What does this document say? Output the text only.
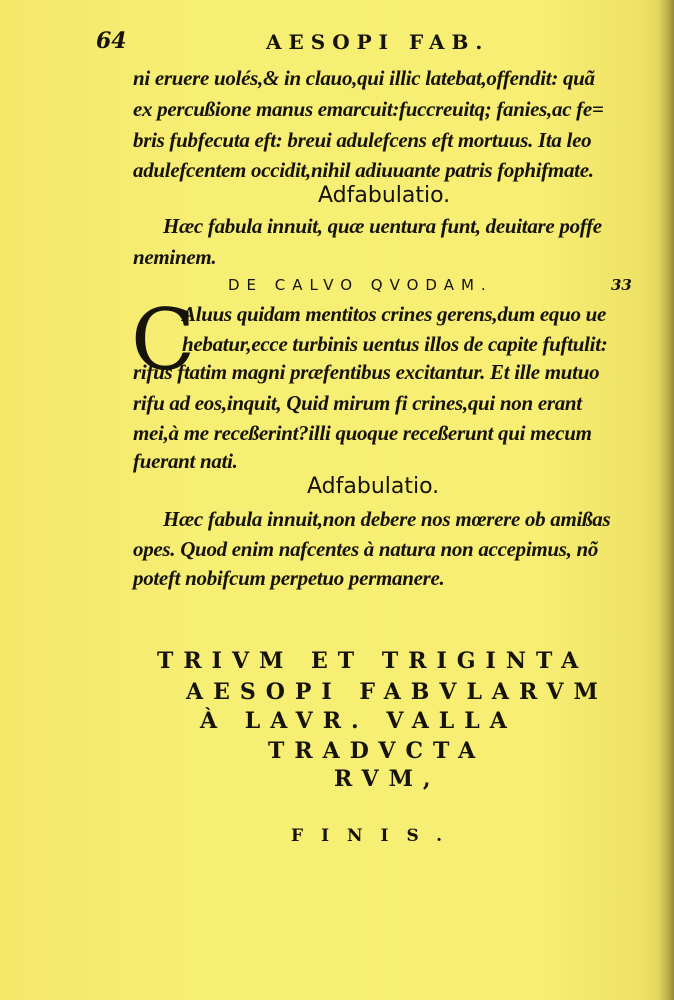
64	AESOPI FAB.
ni eruere uolés,& in clauo,qui illic latebat,offendit: quã
ex percußione manus emarcuit:fuccreuitq; fanies,ac fe=
bris fubfecuta eft: breui adulefcens eft mortuus. Ita leo
adulefcentem occidit,nihil adiuuante patris fophifmate.
Adfabulatio.
Hæc fabula innuit, quæ uentura funt, deuitare poffe
neminem.
DE CALVO QVODAM.	33
C
Aluus quidam mentitos crines gerens,dum equo ue
hebatur,ecce turbinis uentus illos de capite fuftulit:
rifus ftatim magni præfentibus excitantur. Et ille mutuo
rifu ad eos,inquit, Quid mirum fi crines,qui non erant
mei,à me receßerint?illi quoque receßerunt qui mecum
fuerant nati.
Adfabulatio.
Hæc fabula innuit,non debere nos mœrere ob amißas
opes. Quod enim nafcentes à natura non accepimus, nõ
poteft nobifcum perpetuo permanere.
TRIVM ET TRIGINTA
AESOPI FABVLARVM
À LAVR. VALLA
TRADVCTA
RVM,
FINIS.
